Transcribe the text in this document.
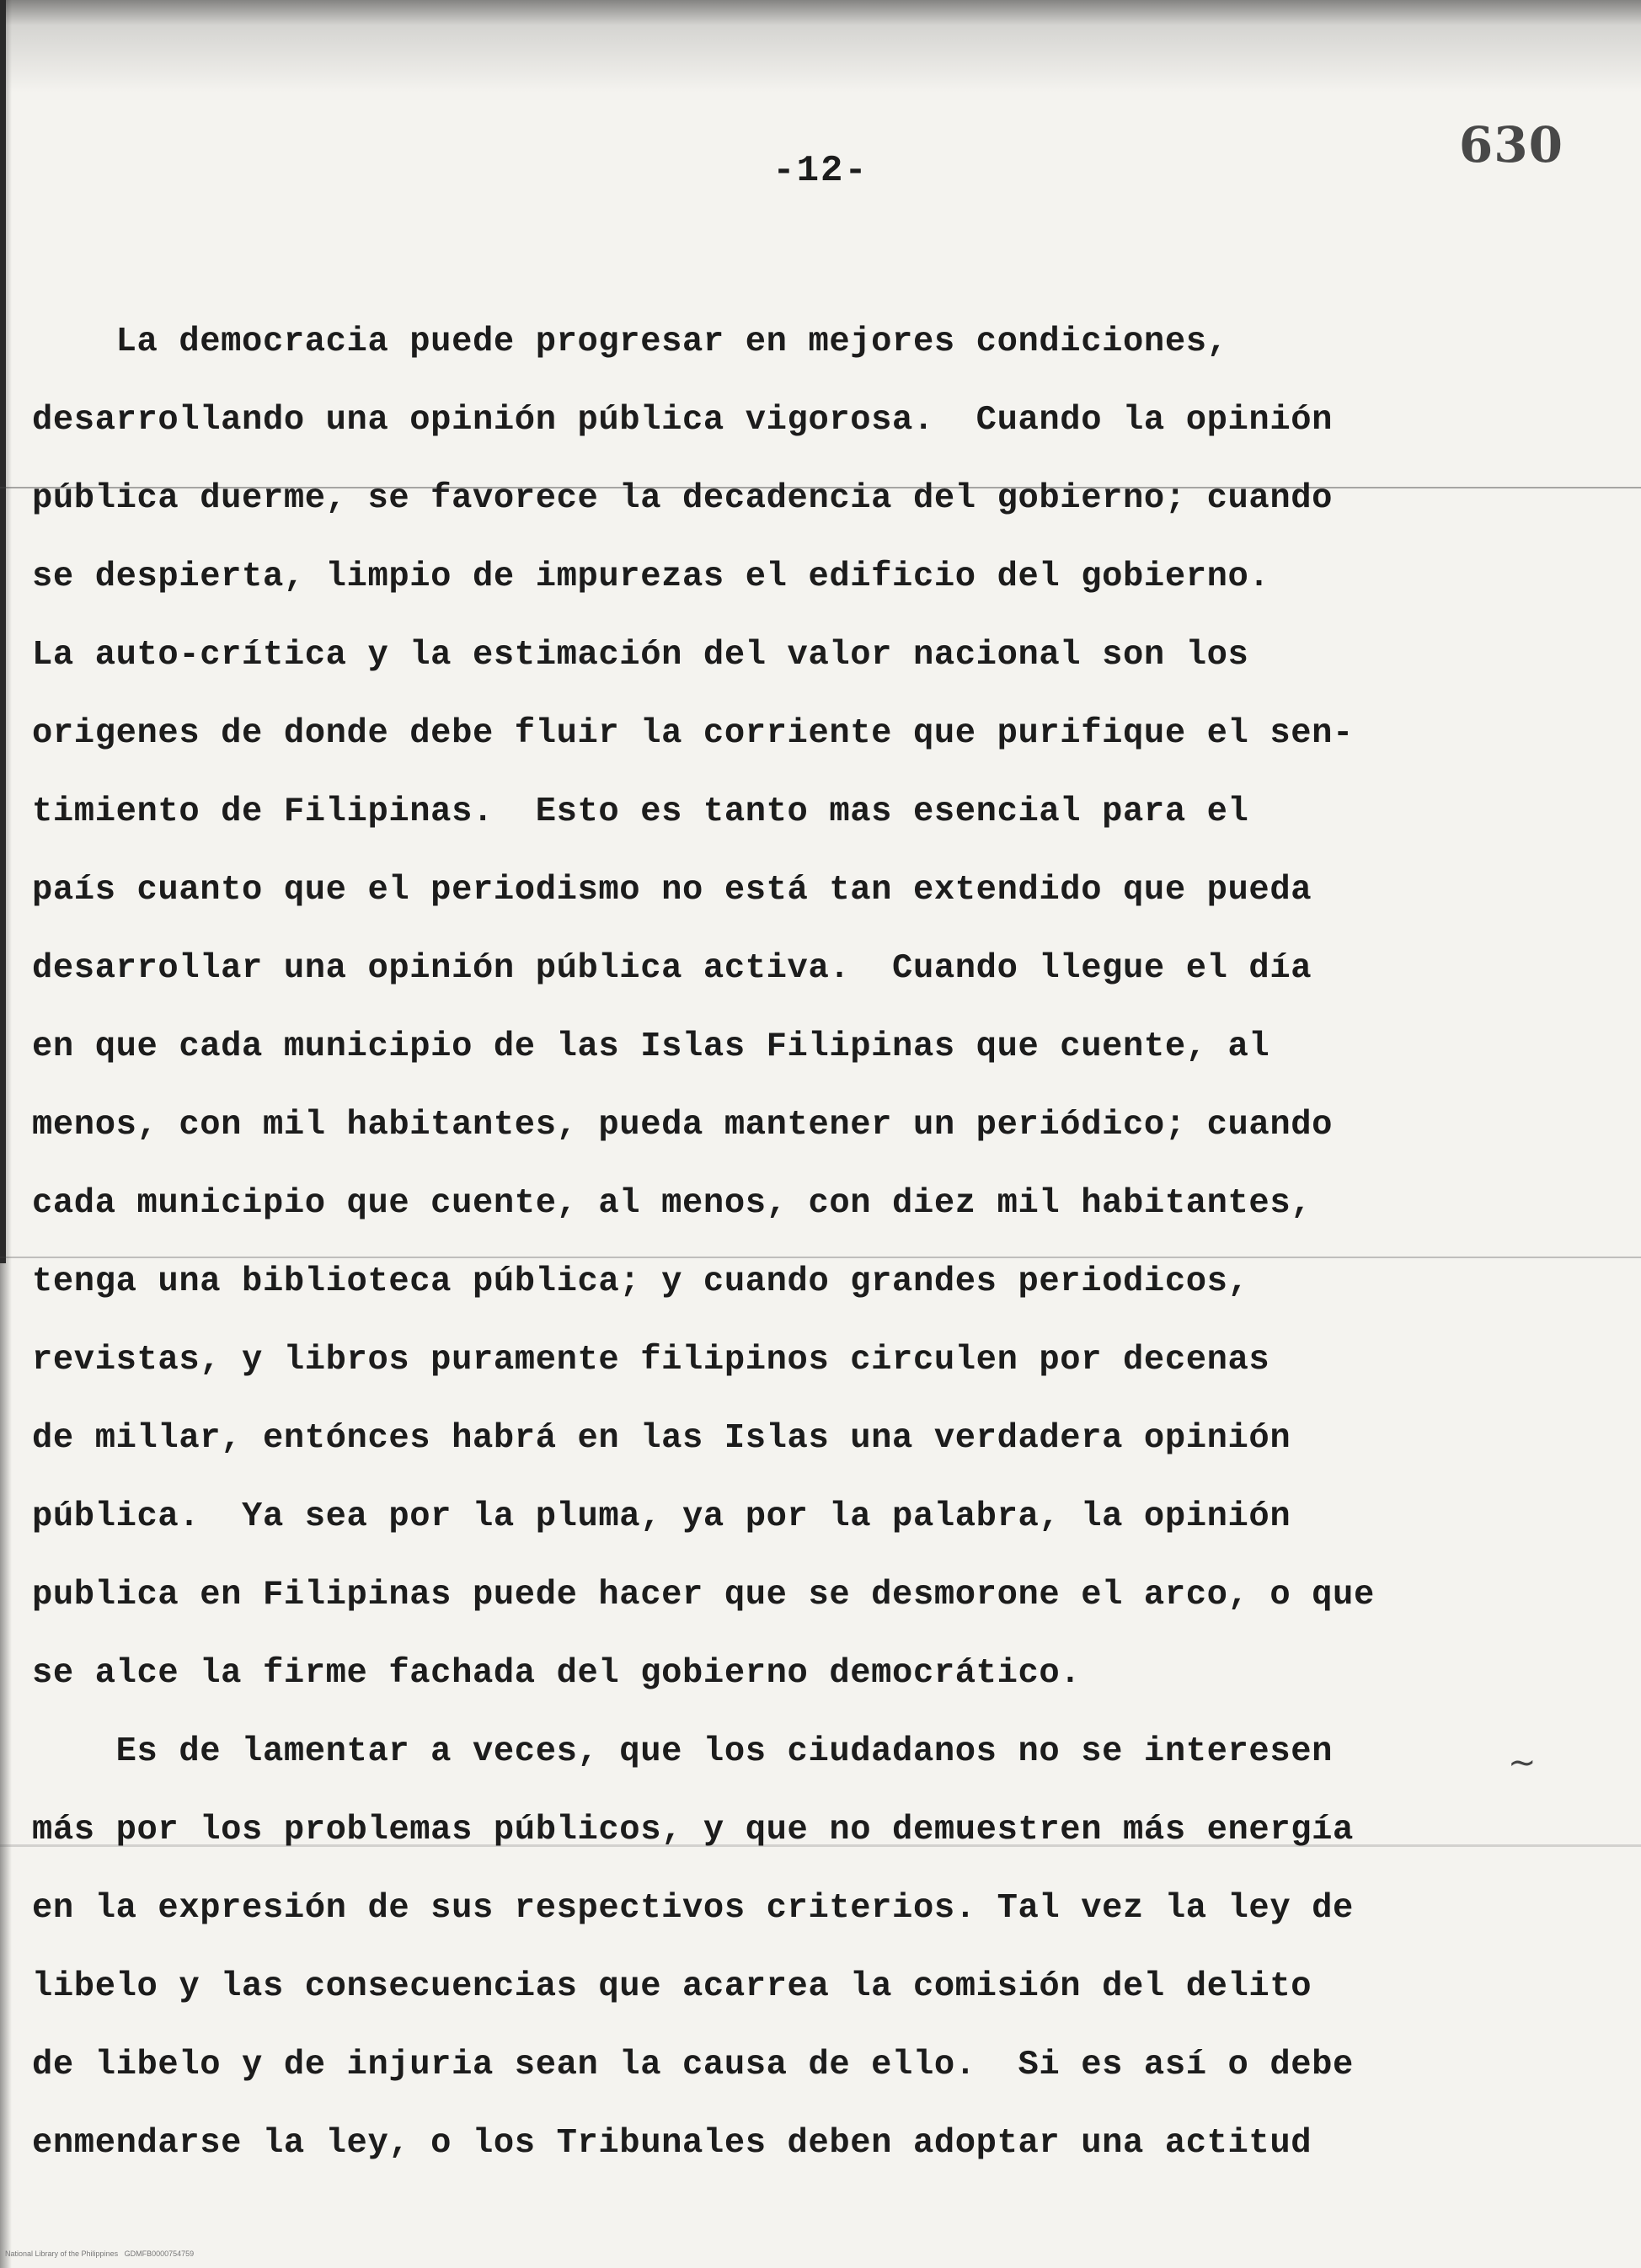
630
-12-
La democracia puede progresar en mejores condiciones,
desarrollando una opinión pública vigorosa.  Cuando la opinión
pública duerme, se favorece la decadencia del gobierno; cuando
se despierta, limpio de impurezas el edificio del gobierno.
La auto-crítica y la estimación del valor nacional son los
origenes de donde debe fluir la corriente que purifique el sen-
timiento de Filipinas.  Esto es tanto mas esencial para el
país cuanto que el periodismo no está tan extendido que pueda
desarrollar una opinión pública activa.  Cuando llegue el día
en que cada municipio de las Islas Filipinas que cuente, al
menos, con mil habitantes, pueda mantener un periódico; cuando
cada municipio que cuente, al menos, con diez mil habitantes,
tenga una biblioteca pública; y cuando grandes periodicos,
revistas, y libros puramente filipinos circulen por decenas
de millar, entónces habrá en las Islas una verdadera opinión
pública.  Ya sea por la pluma, ya por la palabra, la opinión
publica en Filipinas puede hacer que se desmorone el arco, o que
se alce la firme fachada del gobierno democrático.
Es de lamentar a veces, que los ciudadanos no se interesen
más por los problemas públicos, y que no demuestren más energía
en la expresión de sus respectivos criterios. Tal vez la ley de
libelo y las consecuencias que acarrea la comisión del delito
de libelo y de injuria sean la causa de ello.  Si es así o debe
enmendarse la ley, o los Tribunales deben adoptar una actitud
~
National Library of the Philippines   GDMFB0000754759
